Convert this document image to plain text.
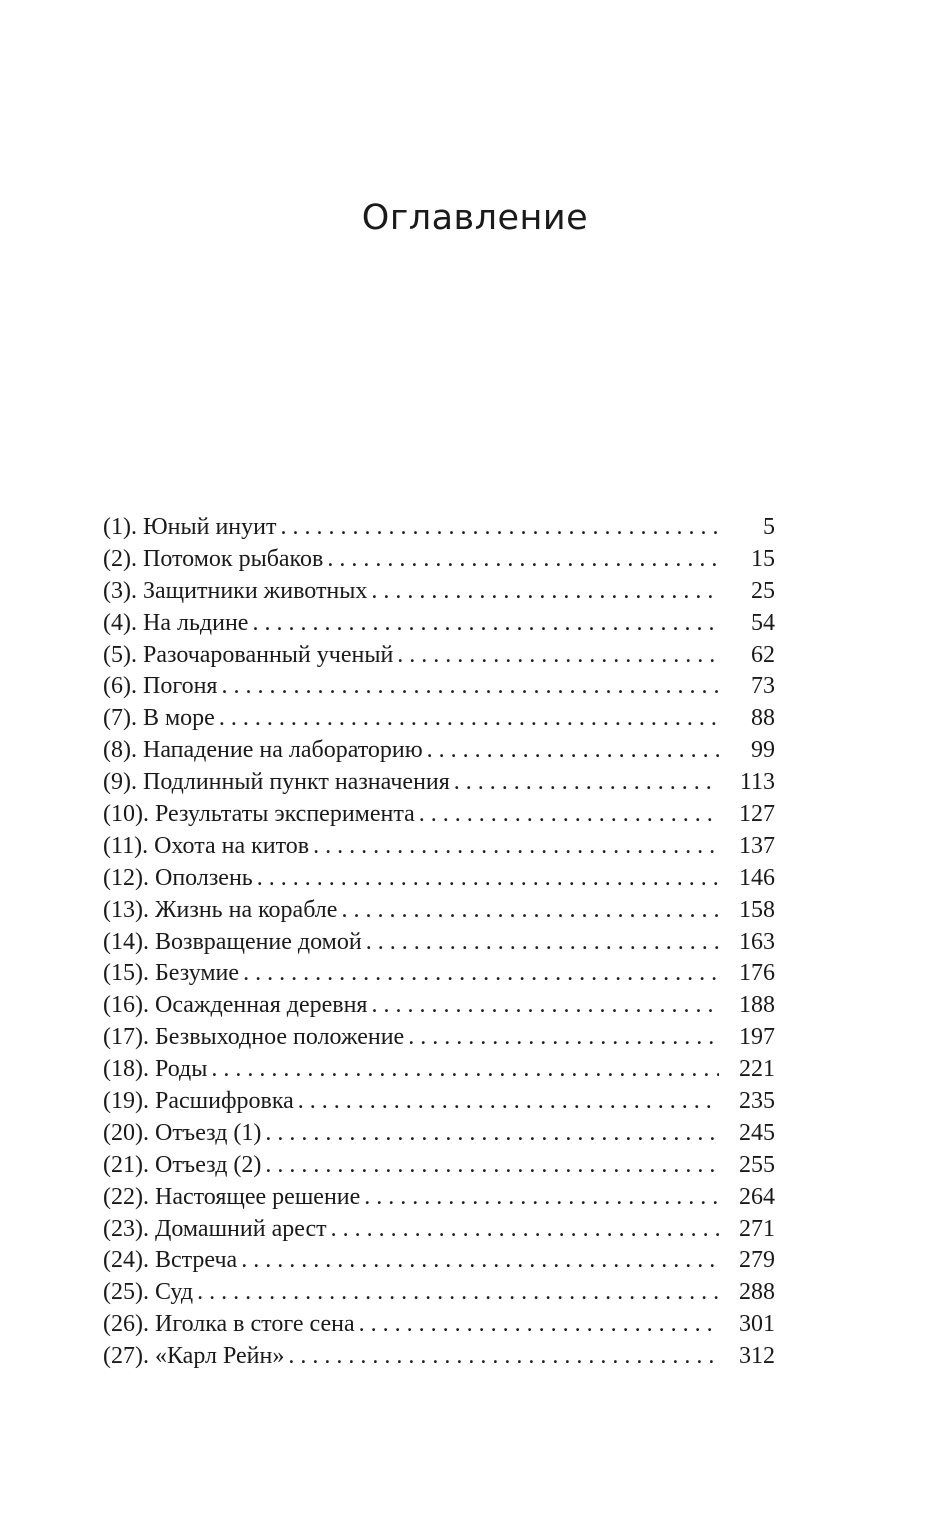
Оглавление
(1). Юный инуит . . .	5
(2). Потомок рыбаков . . .	15
(3). Защитники животных . . .	25
(4). На льдине . . .	54
(5). Разочарованный ученый . . .	62
(6). Погоня . . .	73
(7). В море . . .	88
(8). Нападение на лабораторию . . .	99
(9). Подлинный пункт назначения . . .	113
(10). Результаты эксперимента . . .	127
(11). Охота на китов . . .	137
(12). Оползень . . .	146
(13). Жизнь на корабле . . .	158
(14). Возвращение домой . . .	163
(15). Безумие . . .	176
(16). Осажденная деревня . . .	188
(17). Безвыходное положение . . .	197
(18). Роды . . .	221
(19). Расшифровка . . .	235
(20). Отъезд (1) . . .	245
(21). Отъезд (2) . . .	255
(22). Настоящее решение . . .	264
(23). Домашний арест . . .	271
(24). Встреча . . .	279
(25). Суд . . .	288
(26). Иголка в стоге сена . . .	301
(27). «Карл Рейн» . . .	312
